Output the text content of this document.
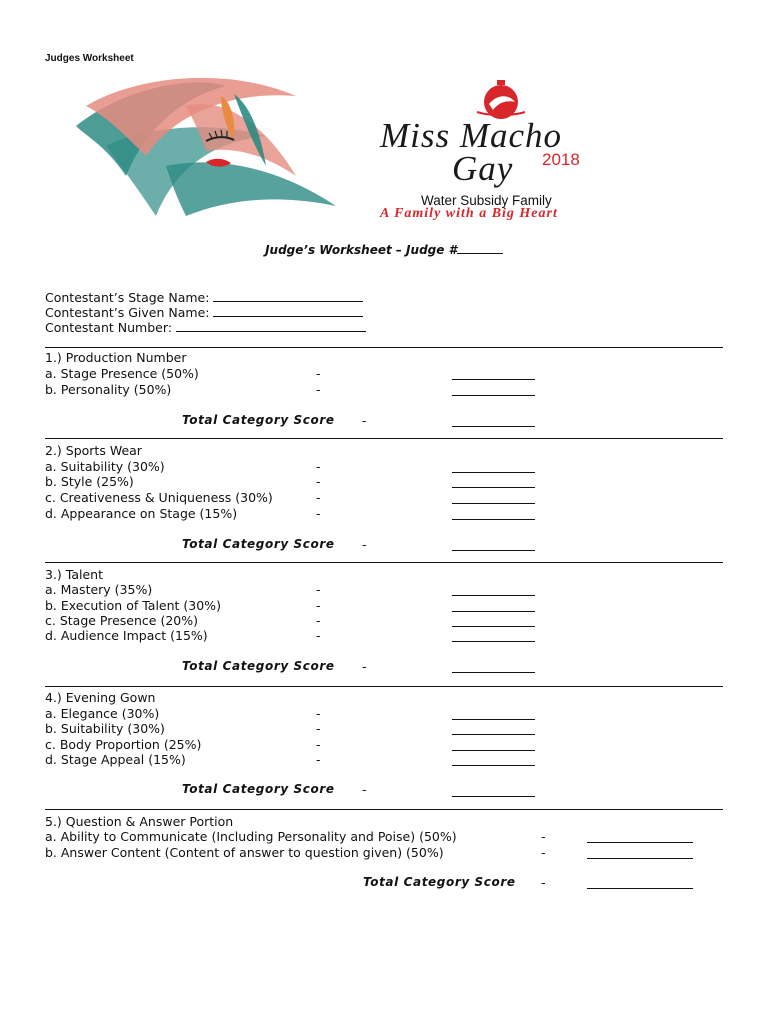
Judges Worksheet
Miss Macho
Gay 2018
Water Subsidy Family
A Family with a Big Heart
Judge’s Worksheet – Judge #
Contestant’s Stage Name:
Contestant’s Given Name:
Contestant Number:
1.) Production Number
a. Stage Presence (50%)	-
b. Personality (50%)	-
Total Category Score -
2.) Sports Wear
a. Suitability (30%)	-
b. Style (25%)	-
c. Creativeness & Uniqueness (30%)	-
d. Appearance on Stage (15%)	-
Total Category Score -
3.) Talent
a. Mastery (35%)	-
b. Execution of Talent (30%)	-
c. Stage Presence (20%)	-
d. Audience Impact (15%)	-
Total Category Score -
4.) Evening Gown
a. Elegance (30%)	-
b. Suitability (30%)	-
c. Body Proportion (25%)	-
d. Stage Appeal (15%)	-
Total Category Score -
5.) Question & Answer Portion
a. Ability to Communicate (Including Personality and Poise) (50%)	-
b. Answer Content (Content of answer to question given) (50%)	-
Total Category Score -
